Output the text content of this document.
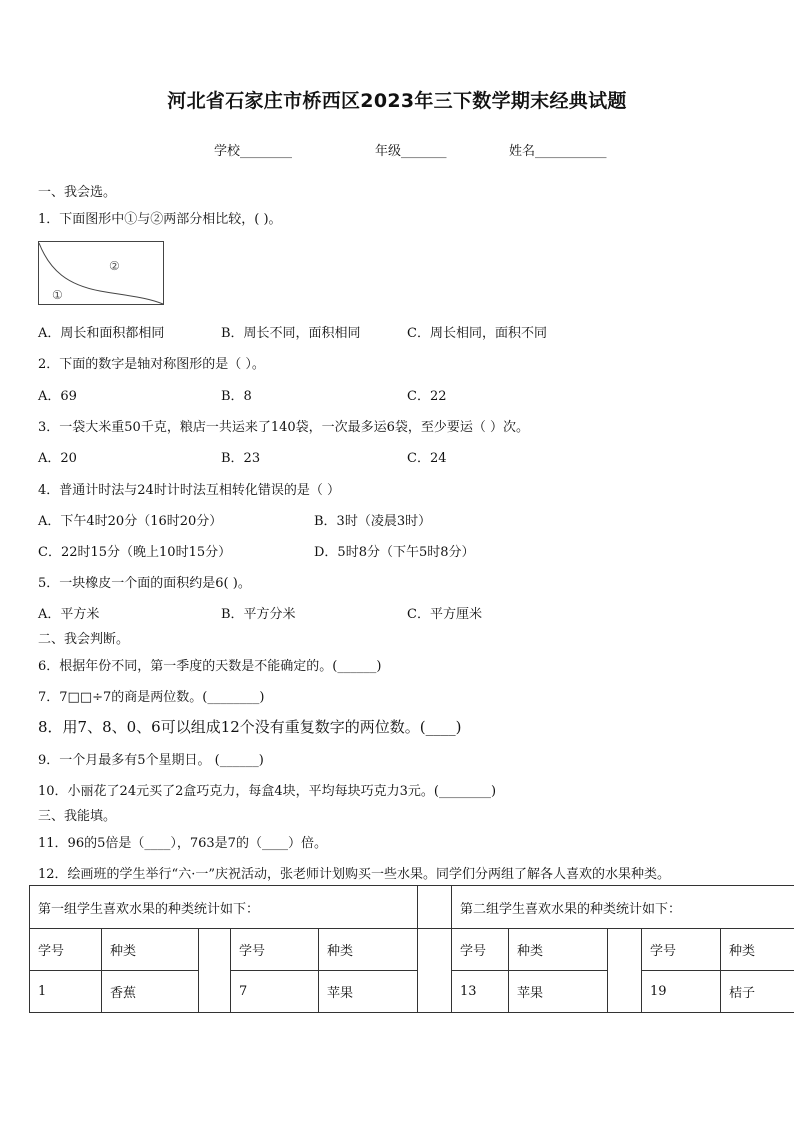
河北省石家庄市桥西区2023年三下数学期末经典试题
学校________	年级_______	姓名___________
一、我会选。
1．下面图形中①与②两部分相比较，( )。
②
①
A．周长和面积都相同	B．周长不同，面积相同	C．周长相同，面积不同
2．下面的数字是轴对称图形的是（ ）。
A．69	B．8	C．22
3．一袋大米重50千克，粮店一共运来了140袋，一次最多运6袋，至少要运（ ）次。
A．20	B．23	C．24
4．普通计时法与24时计时法互相转化错误的是（ ）
A．下午4时20分（16时20分）	B．3时（凌晨3时）
C．22时15分（晚上10时15分）	D．5时8分（下午5时8分）
5．一块橡皮一个面的面积约是6( )。
A．平方米	B．平方分米	C．平方厘米
二、我会判断。
6．根据年份不同，第一季度的天数是不能确定的。(______)
7．7□□÷7的商是两位数。(________)
8．用7、8、0、6可以组成12个没有重复数字的两位数。(____)
9．一个月最多有5个星期日。 (______)
10．小丽花了24元买了2盒巧克力，每盒4块，平均每块巧克力3元。(________)
三、我能填。
11．96的5倍是（____），763是7的（____）倍。
12．绘画班的学生举行“六·一”庆祝活动，张老师计划购买一些水果。同学们分两组了解各人喜欢的水果种类。
第一组学生喜欢水果的种类统计如下：						第二组学生喜欢水果的种类统计如下：				
学号	种类		学号	种类		学号	种类		学号	种类
1	香蕉		7	苹果		13	苹果		19	桔子
